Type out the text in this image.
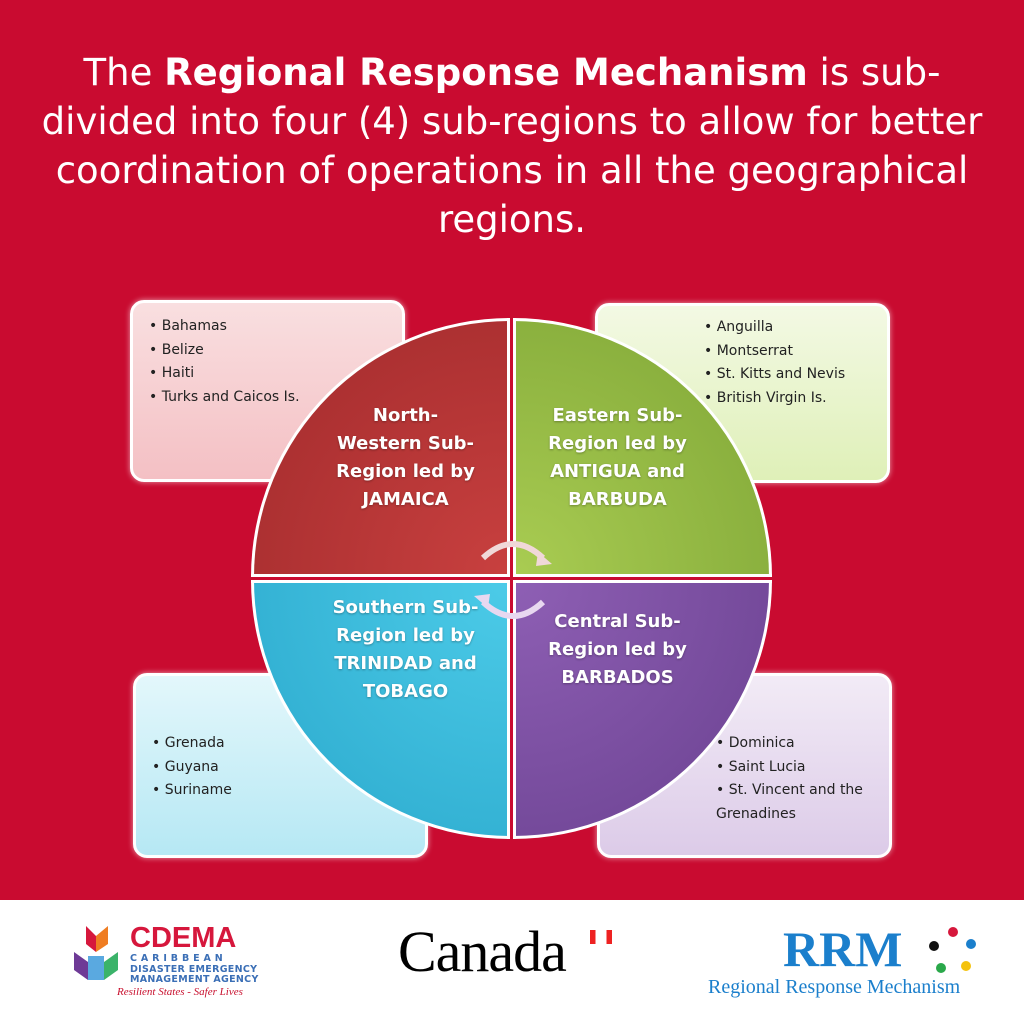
The Regional Response Mechanism is sub-divided into four (4) sub-regions to allow for better coordination of operations in all the geographical regions.
• Bahamas
• Belize
• Haiti
• Turks and Caicos Is.
• Anguilla
• Montserrat
• St. Kitts and Nevis
• British Virgin Is.
• Grenada
• Guyana
• Suriname
• Dominica
• Saint Lucia
• St. Vincent and the Grenadines
North-Western Sub-Region led by JAMAICA
Eastern Sub-Region led by ANTIGUA and BARBUDA
Southern Sub-Region led by TRINIDAD and TOBAGO
Central Sub-Region led by BARBADOS
CDEMA
C A R I B B E A N
DISASTER EMERGENCY
MANAGEMENT AGENCY
Resilient States - Safer Lives
Canada	RRM
Regional Response Mechanism
